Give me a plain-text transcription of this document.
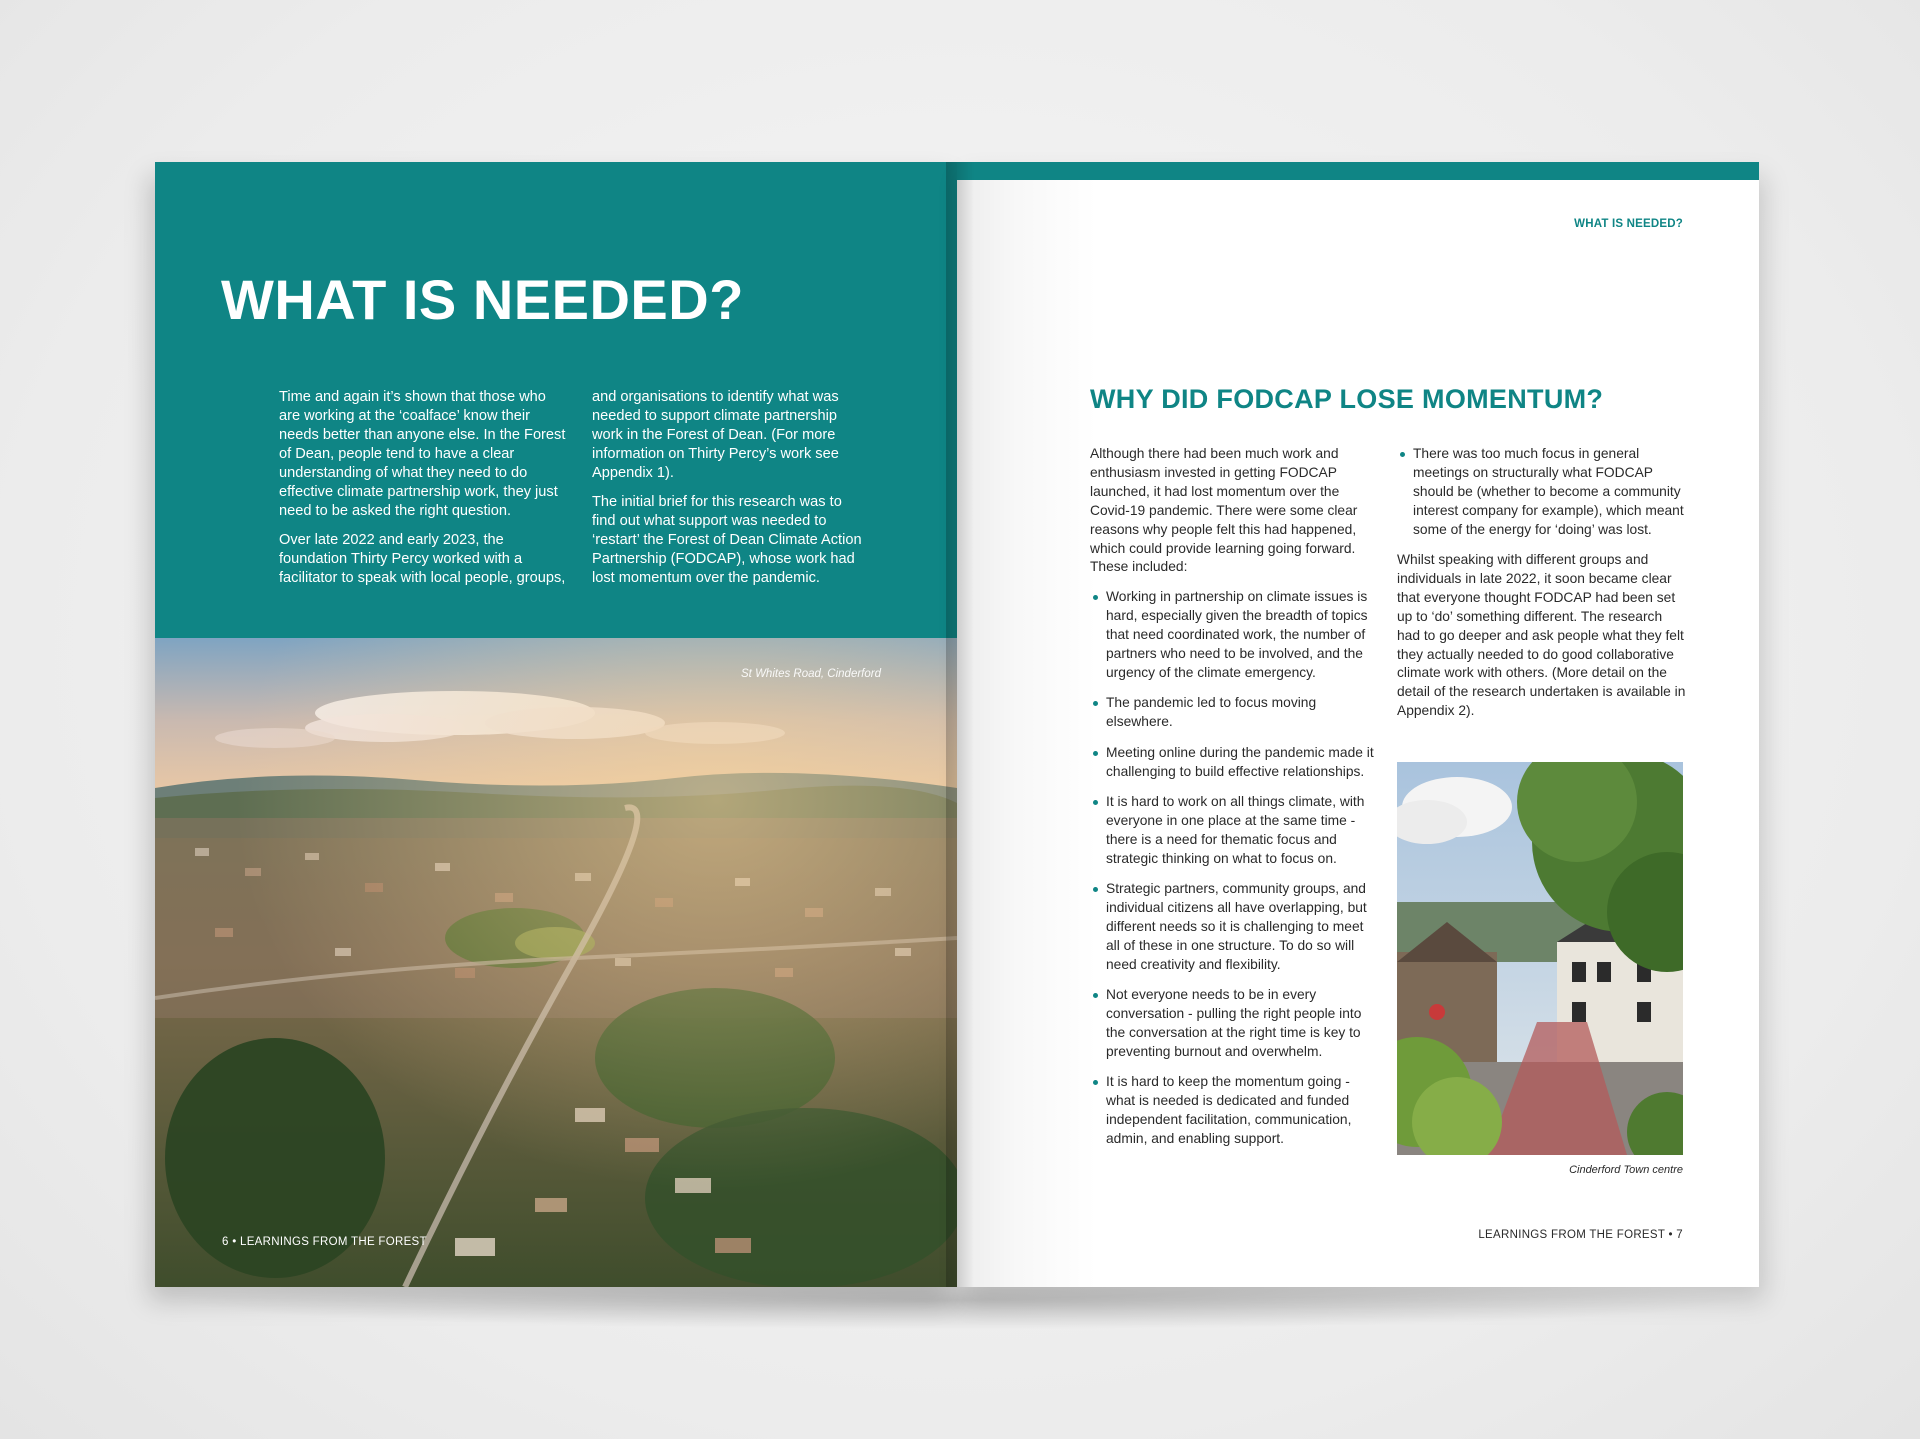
WHAT IS NEEDED?

Time and again it’s shown that those who are working at the ‘coalface’ know their needs better than anyone else. In the Forest of Dean, people tend to have a clear understanding of what they need to do effective climate partnership work, they just need to be asked the right question.

Over late 2022 and early 2023, the foundation Thirty Percy worked with a facilitator to speak with local people, groups,

and organisations to identify what was needed to support climate partnership work in the Forest of Dean. (For more information on Thirty Percy’s work see Appendix 1).

The initial brief for this research was to find out what support was needed to ‘restart’ the Forest of Dean Climate Action Partnership (FODCAP), whose work had lost momentum over the pandemic.

St Whites Road, Cinderford
6 • LEARNINGS FROM THE FOREST
WHAT IS NEEDED?
WHY DID FODCAP LOSE MOMENTUM?

Although there had been much work and enthusiasm invested in getting FODCAP launched, it had lost momentum over the Covid-19 pandemic. There were some clear reasons why people felt this had happened, which could provide learning going forward. These included:

Working in partnership on climate issues is hard, especially given the breadth of topics that need coordinated work, the number of partners who need to be involved, and the urgency of the climate emergency.
The pandemic led to focus moving elsewhere.
Meeting online during the pandemic made it challenging to build effective relationships.
It is hard to work on all things climate, with everyone in one place at the same time - there is a need for thematic focus and strategic thinking on what to focus on.
Strategic partners, community groups, and individual citizens all have overlapping, but different needs so it is challenging to meet all of these in one structure. To do so will need creativity and flexibility.
Not everyone needs to be in every conversation - pulling the right people into the conversation at the right time is key to preventing burnout and overwhelm.
It is hard to keep the momentum going - what is needed is dedicated and funded independent facilitation, communication, admin, and enabling support.
There was too much focus in general meetings on structurally what FODCAP should be (whether to become a community interest company for example), which meant some of the energy for ‘doing’ was lost.

Whilst speaking with different groups and individuals in late 2022, it soon became clear that everyone thought FODCAP had been set up to ‘do’ something different. The research had to go deeper and ask people what they felt they actually needed to do good collaborative climate work with others. (More detail on the detail of the research undertaken is available in Appendix 2).

Cinderford Town centre
LEARNINGS FROM THE FOREST • 7
